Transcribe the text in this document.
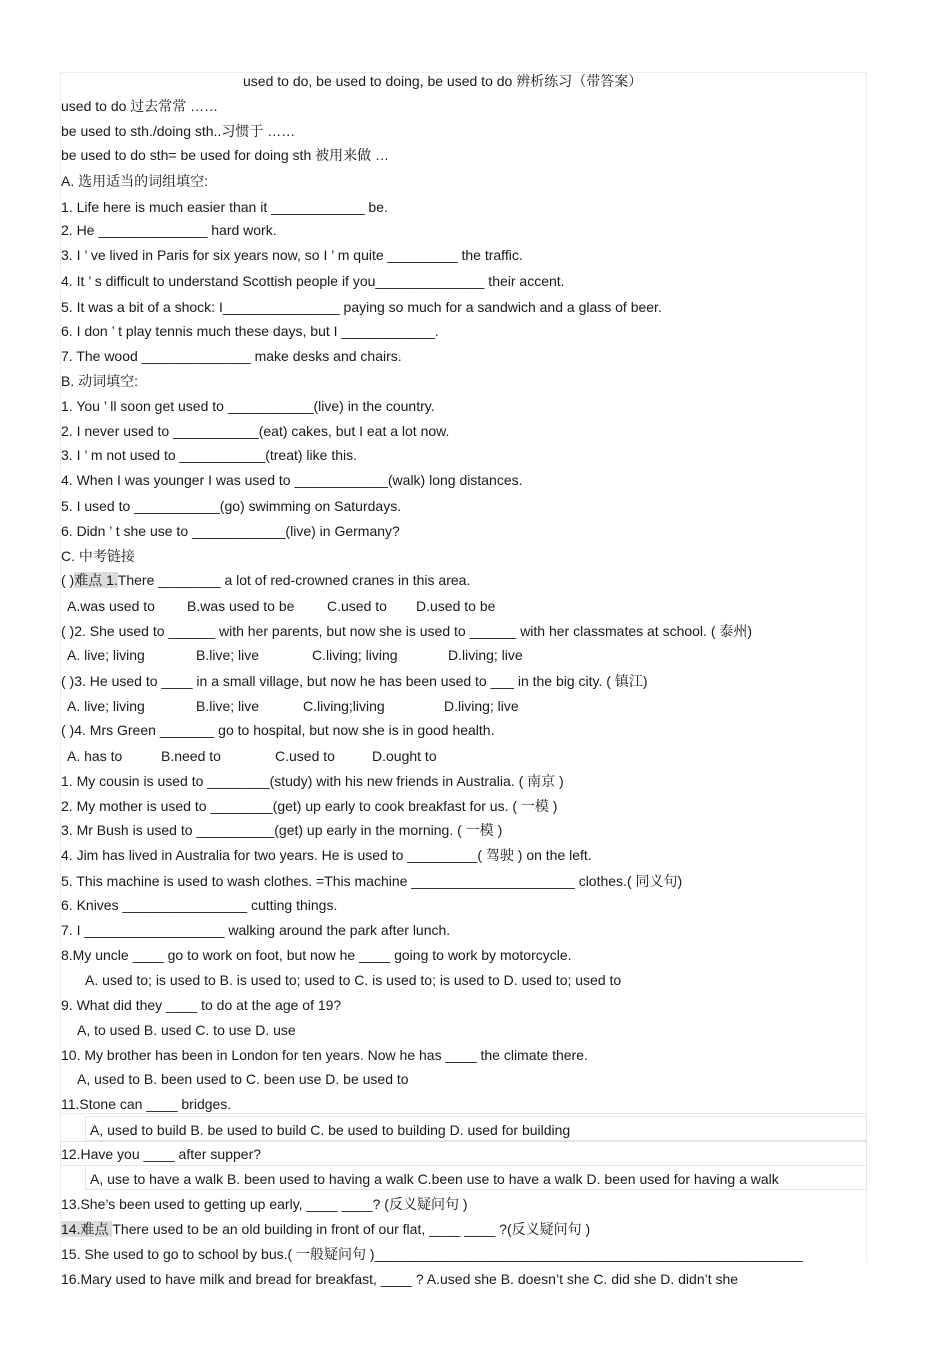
used to do, be used to doing, be used to do 辨析练习（带答案）
used to do 过去常常 ……
be used to sth./doing sth..习惯于 ……
be used to do sth= be used for doing sth 被用来做 …
A. 选用适当的词组填空:
1. Life here is much easier than it ____________ be.
2. He ______________ hard work.
3. I ’ ve lived in Paris for six years now, so I ’ m quite _________ the traffic.
4. It ’ s difficult to understand Scottish people if you______________ their accent.
5. It was a bit of a shock: I_______________ paying so much for a sandwich and a glass of beer.
6. I don ’ t play tennis much these days, but I ____________.
7. The wood ______________ make desks and chairs.
B. 动词填空:
1. You ’ ll soon get used to ___________(live) in the country.
2. I never used to ___________(eat) cakes, but I eat a lot now.
3. I ’ m not used to ___________(treat) like this.
4. When I was younger I was used to ____________(walk) long distances.
5. I used to ___________(go) swimming on Saturdays.
6. Didn ’ t she use to ____________(live) in Germany?
C. 中考链接
( )难点 1.There ________ a lot of red-crowned cranes in this area.
A.was used to B.was used to be C.used to D.used to be
( )2. She used to ______ with her parents, but now she is used to ______ with her classmates at school. ( 泰州)
A. live; living	B.live; live	C.living; living	D.living; live
( )3. He used to ____ in a small village, but now he has been used to ___ in the big city. ( 镇江)
A. live; living	B.live; live	C.living;living	D.living; live
( )4. Mrs Green _______ go to hospital, but now she is in good health.
A. has to	B.need to	C.used to	D.ought to
1. My cousin is used to ________(study) with his new friends in Australia. ( 南京 )
2. My mother is used to ________(get) up early to cook breakfast for us. ( 一模 )
3. Mr Bush is used to __________(get) up early in the morning. ( 一模 )
4. Jim has lived in Australia for two years. He is used to _________( 驾驶 ) on the left.
5. This machine is used to wash clothes. =This machine _____________________ clothes.( 同义句)
6. Knives ________________ cutting things.
7. I __________________ walking around the park after lunch.
8.My uncle ____ go to work on foot, but now he ____ going to work by motorcycle.
A. used to; is used to B. is used to; used to C. is used to; is used to D. used to; used to
9. What did they ____ to do at the age of 19?
A, to used B. used C. to use D. use
10. My brother has been in London for ten years. Now he has ____ the climate there.
A, used to B. been used to C. been use D. be used to
11.Stone can ____ bridges.
A, used to build B. be used to build C. be used to building D. used for building
12.Have you ____ after supper?
A, use to have a walk B. been used to having a walk C.been use to have a walk D. been used for having a walk
13.She’s been used to getting up early, ____ ____? (反义疑问句 )
14.难点 There used to be an old building in front of our flat, ____ ____ ?(反义疑问句 )
15. She used to go to school by bus.( 一般疑问句 )_______________________________________________________
16.Mary used to have milk and bread for breakfast, ____ ? A.used she B. doesn’t she C. did she D. didn’t she
